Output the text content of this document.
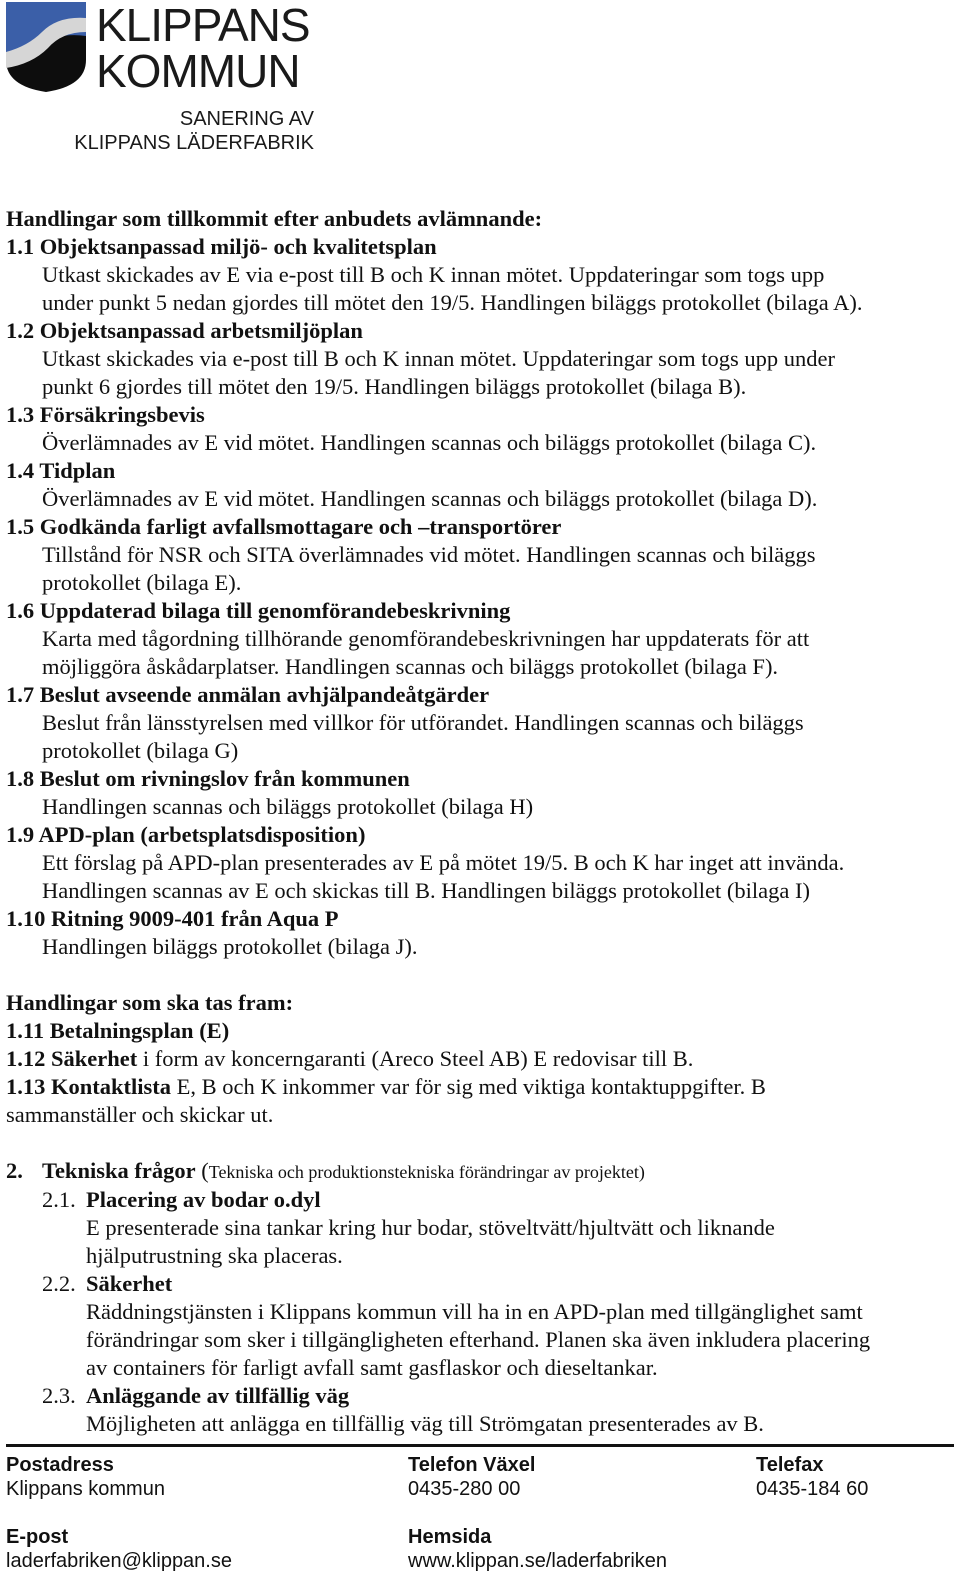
KLIPPANS
KOMMUN
SANERING AV
KLIPPANS LÄDERFABRIK

Handlingar som tillkommit efter anbudets avlämnande:

1.1 Objektsanpassad miljö- och kvalitetsplan

Utkast skickades av E via e-post till B och K innan mötet. Uppdateringar som togs upp

under punkt 5 nedan gjordes till mötet den 19/5. Handlingen biläggs protokollet (bilaga A).

1.2 Objektsanpassad arbetsmiljöplan

Utkast skickades via e-post till B och K innan mötet. Uppdateringar som togs upp under

punkt 6 gjordes till mötet den 19/5. Handlingen biläggs protokollet (bilaga B).

1.3 Försäkringsbevis

Överlämnades av E vid mötet. Handlingen scannas och biläggs protokollet (bilaga C).

1.4 Tidplan

Överlämnades av E vid mötet. Handlingen scannas och biläggs protokollet (bilaga D).

1.5 Godkända farligt avfallsmottagare och –transportörer

Tillstånd för NSR och SITA överlämnades vid mötet. Handlingen scannas och biläggs

protokollet (bilaga E).

1.6 Uppdaterad bilaga till genomförandebeskrivning

Karta med tågordning tillhörande genomförandebeskrivningen har uppdaterats för att

möjliggöra åskådarplatser. Handlingen scannas och biläggs protokollet (bilaga F).

1.7 Beslut avseende anmälan avhjälpandeåtgärder

Beslut från länsstyrelsen med villkor för utförandet. Handlingen scannas och biläggs

protokollet (bilaga G)

1.8 Beslut om rivningslov från kommunen

Handlingen scannas och biläggs protokollet (bilaga H)

1.9 APD-plan (arbetsplatsdisposition)

Ett förslag på APD-plan presenterades av E på mötet 19/5. B och K har inget att invända.

Handlingen scannas av E och skickas till B. Handlingen biläggs protokollet (bilaga I)

1.10 Ritning 9009-401 från Aqua P

Handlingen biläggs protokollet (bilaga J).

Handlingar som ska tas fram:

1.11 Betalningsplan (E)

1.12 Säkerhet i form av koncerngaranti (Areco Steel AB) E redovisar till B.

1.13 Kontaktlista E, B och K inkommer var för sig med viktiga kontaktuppgifter. B

sammanställer och skickar ut.

2. Tekniska frågor (Tekniska och produktionstekniska förändringar av projektet)

2.1. Placering av bodar o.dyl

E presenterade sina tankar kring hur bodar, stöveltvätt/hjultvätt och liknande

hjälputrustning ska placeras.

2.2. Säkerhet

Räddningstjänsten i Klippans kommun vill ha in en APD-plan med tillgänglighet samt

förändringar som sker i tillgängligheten efterhand. Planen ska även inkludera placering

av containers för farligt avfall samt gasflaskor och dieseltankar.

2.3. Anläggande av tillfällig väg

Möjligheten att anlägga en tillfällig väg till Strömgatan presenterades av B.

Postadress
Klippans kommun
Telefon Växel
0435-280 00
Telefax
0435-184 60
E-post
laderfabriken@klippan.se
Hemsida
www.klippan.se/laderfabriken
